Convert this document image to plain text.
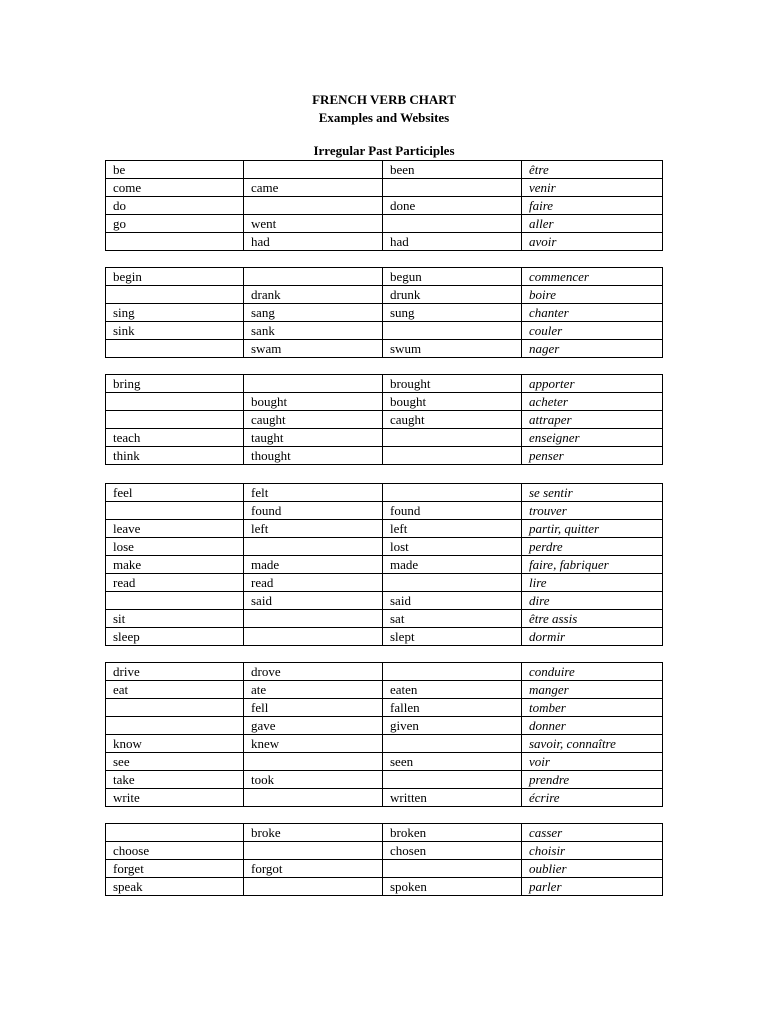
FRENCH VERB CHART
Examples and Websites
Irregular Past Participles
be		been	être
come	came		venir
do		done	faire
go	went		aller
	had	had	avoir
begin		begun	commencer
	drank	drunk	boire
sing	sang	sung	chanter
sink	sank		couler
	swam	swum	nager
bring		brought	apporter
	bought	bought	acheter
	caught	caught	attraper
teach	taught		enseigner
think	thought		penser
feel	felt		se sentir
	found	found	trouver
leave	left	left	partir, quitter
lose		lost	perdre
make	made	made	faire, fabriquer
read	read		lire
	said	said	dire
sit		sat	être assis
sleep		slept	dormir
drive	drove		conduire
eat	ate	eaten	manger
	fell	fallen	tomber
	gave	given	donner
know	knew		savoir, connaître
see		seen	voir
take	took		prendre
write		written	écrire
	broke	broken	casser
choose		chosen	choisir
forget	forgot		oublier
speak		spoken	parler
